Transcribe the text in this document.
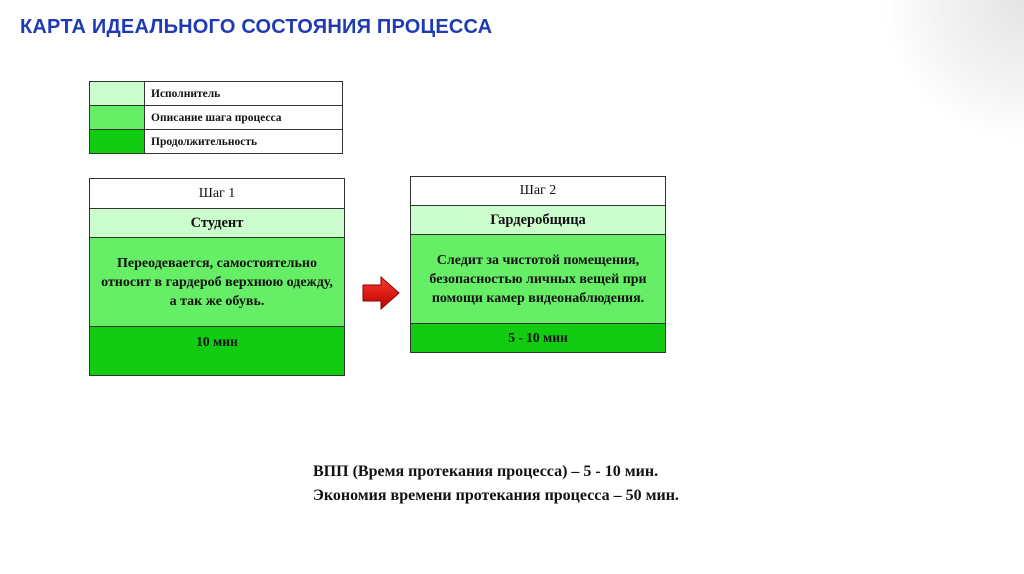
КАРТА ИДЕАЛЬНОГО СОСТОЯНИЯ ПРОЦЕССА
	Исполнитель
	Описание шага процесса
	Продолжительность
Шаг 1
Студент
Переодевается, самостоятельно относит в гардероб верхнюю одежду, а так же обувь.
10 мин
Шаг 2
Гардеробщица
Следит за чистотой помещения, безопасностью личных вещей при помощи камер видеонаблюдения.
5 - 10 мин
ВПП (Время протекания процесса) – 5 - 10 мин.
Экономия времени протекания процесса – 50 мин.
